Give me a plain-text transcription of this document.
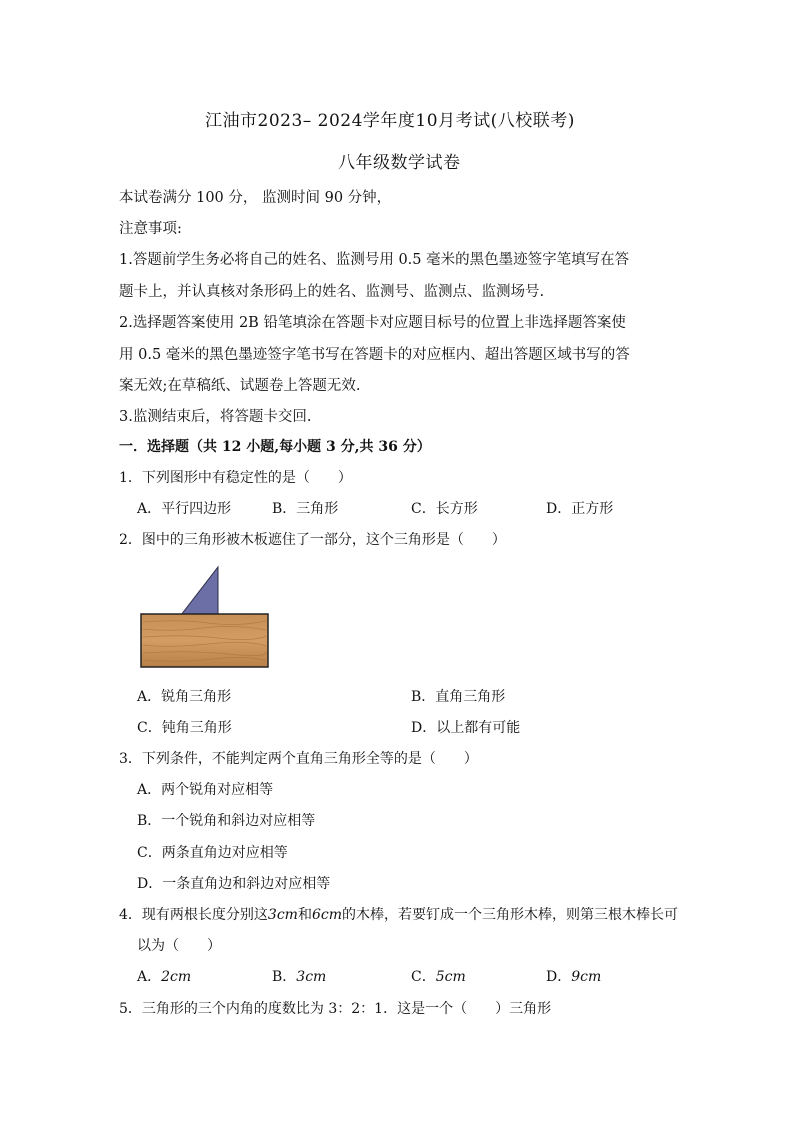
江油市2023– 2024学年度10月考试(八校联考)
八年级数学试卷
本试卷满分 100 分， 监测时间 90 分钟，
注意事项:
1.答题前学生务必将自己的姓名、监测号用 0.5 毫米的黑色墨迹签字笔填写在答
题卡上，并认真核对条形码上的姓名、监测号、监测点、监测场号.
2.选择题答案使用 2B 铅笔填涂在答题卡对应题目标号的位置上非选择题答案使
用 0.5 毫米的黑色墨迹签字笔书写在答题卡的对应框内、超出答题区域书写的答
案无效;在草稿纸、试题卷上答题无效.
3.监测结束后，将答题卡交回.
一．选择题（共 12 小题,每小题 3 分,共 36 分）
1．下列图形中有稳定性的是（　　）
A．平行四边形	B．三角形	C．长方形	D．正方形
2．图中的三角形被木板遮住了一部分，这个三角形是（　　）
A．锐角三角形	B．直角三角形
C．钝角三角形	D．以上都有可能
3．下列条件，不能判定两个直角三角形全等的是（　　）
A．两个锐角对应相等
B．一个锐角和斜边对应相等
C．两条直角边对应相等
D．一条直角边和斜边对应相等
4．现有两根长度分别这3cm和6cm的木棒，若要钉成一个三角形木棒，则第三根木棒长可
以为（　　）
A．2cm	B．3cm	C．5cm	D．9cm
5．三角形的三个内角的度数比为 3：2：1．这是一个（　　）三角形
